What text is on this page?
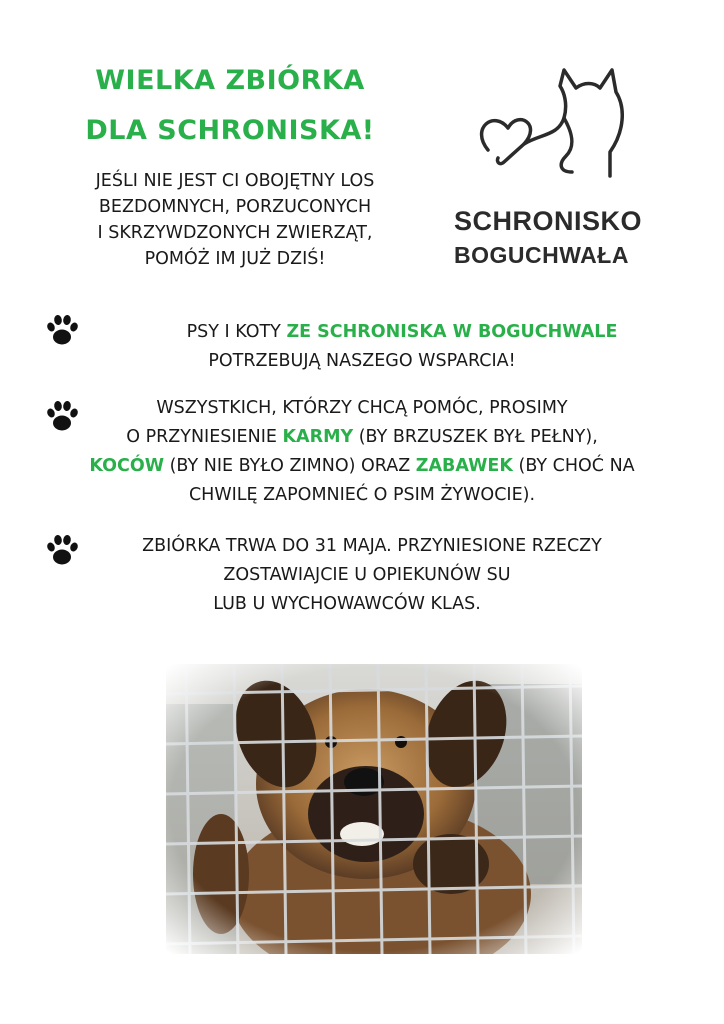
WIELKA ZBIÓRKA
DLA SCHRONISKA!
JEŚLI NIE JEST CI OBOJĘTNY LOS
BEZDOMNYCH, PORZUCONYCH
I SKRZYWDZONYCH ZWIERZĄT,
POMÓŻ IM JUŻ DZIŚ!
SCHRONISKO
BOGUCHWAŁA
PSY I KOTY ZE SCHRONISKA W BOGUCHWALE
POTRZEBUJĄ NASZEGO WSPARCIA!
WSZYSTKICH, KTÓRZY CHCĄ POMÓC, PROSIMY
O PRZYNIESIENIE KARMY (BY BRZUSZEK BYŁ PEŁNY),
KOCÓW (BY NIE BYŁO ZIMNO) ORAZ ZABAWEK (BY CHOĆ NA
CHWILĘ ZAPOMNIEĆ O PSIM ŻYWOCIE).
ZBIÓRKA TRWA DO 31 MAJA. PRZYNIESIONE RZECZY
ZOSTAWIAJCIE U OPIEKUNÓW SU
LUB U WYCHOWAWCÓW KLAS.
